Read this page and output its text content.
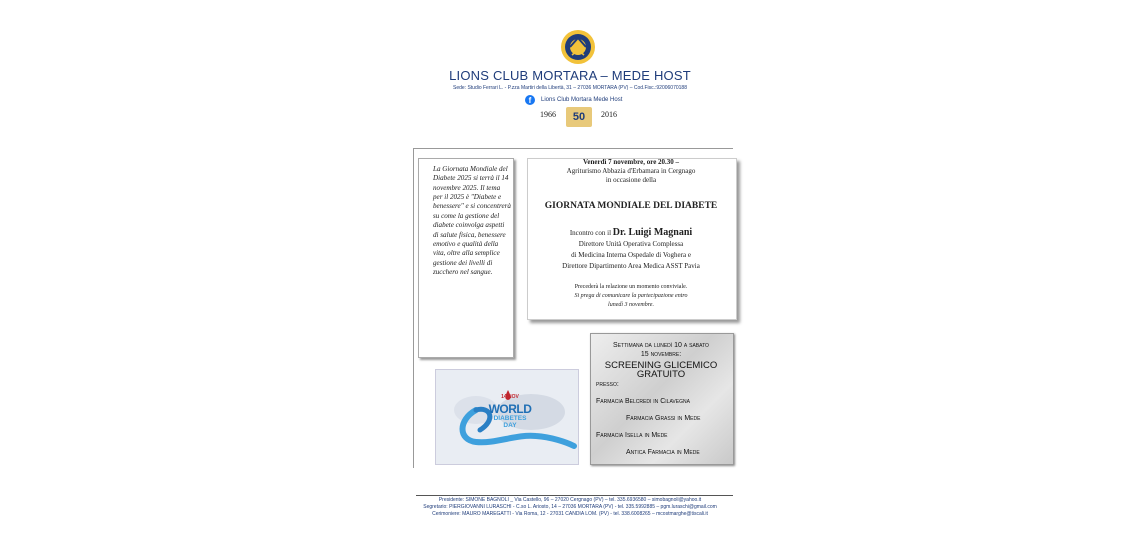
LIONS CLUB MORTARA – MEDE HOST
Sede: Studio Ferrari L. - P.zza Martiri della Libertà, 31 – 27036 MORTARA (PV) – Cod.Fisc.:92006070188
f	Lions Club Mortara Mede Host
1966	50	2016
La Giornata Mondiale del Diabete 2025 si terrà il 14 novembre 2025. Il tema per il 2025 è "Diabete e benessere" e si concentrerà su come la gestione del diabete coinvolga aspetti di salute fisica, benessere emotivo e qualità della vita, oltre alla semplice gestione dei livelli di zucchero nel sangue.
Venerdì 7 novembre, ore 20.30 –
Agriturismo Abbazia d'Erbamara in Cergnago
in occasione della
GIORNATA MONDIALE DEL DIABETE
Incontro con il Dr. Luigi Magnani
Direttore Unità Operativa Complessa
di Medicina Interna Ospedale di Voghera e
Direttore Dipartimento Area Medica ASST Pavia
Precederà la relazione un momento conviviale.
Si prega di comunicare la partecipazione entro
lunedì 3 novembre.
14 NOV
WORLD
DIABETES
DAY
Settimana da lunedì 10 a sabato
15 novembre:
SCREENING GLICEMICO
GRATUITO
presso:
Farmacia Belcredi in Cilavegna
Farmacia Grassi in Mede
Farmacia Isella in Mede
Antica Farmacia in Mede
Presidente: SIMONE BAGNOLI _ Via Castello, 96 – 27020 Cergnago (PV) – tel. 335.6936580 – simobagnoli@yahoo.it
Segretario: PIERGIOVANNI LURASCHI - C.so L. Ariosto, 14 – 27036 MORTARA (PV) - tel. 335.5992885 – pgm.luraschi@gmail.com
Cerimoniere: MAURO MAREGATTI - Via Roma, 12 - 27031 CANDIA LOM. (PV) - tel. 338.6008265 – mcostmarghe@tiscali.it
